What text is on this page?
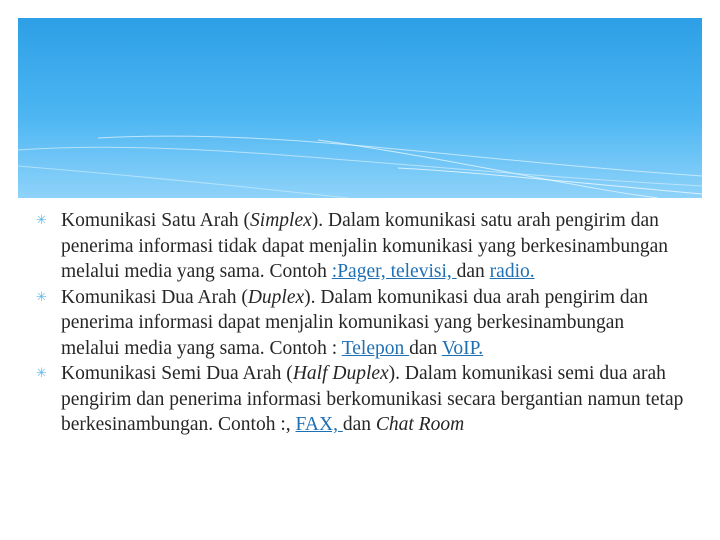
✳ Komunikasi Satu Arah (Simplex). Dalam komunikasi satu arah pengirim dan penerima informasi tidak dapat menjalin komunikasi yang berkesinambungan melalui media yang sama. Contoh :Pager, televisi, dan radio.

✳ Komunikasi Dua Arah (Duplex). Dalam komunikasi dua arah pengirim dan penerima informasi dapat menjalin komunikasi yang berkesinambungan melalui media yang sama. Contoh : Telepon dan VoIP.

✳ Komunikasi Semi Dua Arah (Half Duplex). Dalam komunikasi semi dua arah pengirim dan penerima informasi berkomunikasi secara bergantian namun tetap berkesinambungan. Contoh :, FAX, dan Chat Room
